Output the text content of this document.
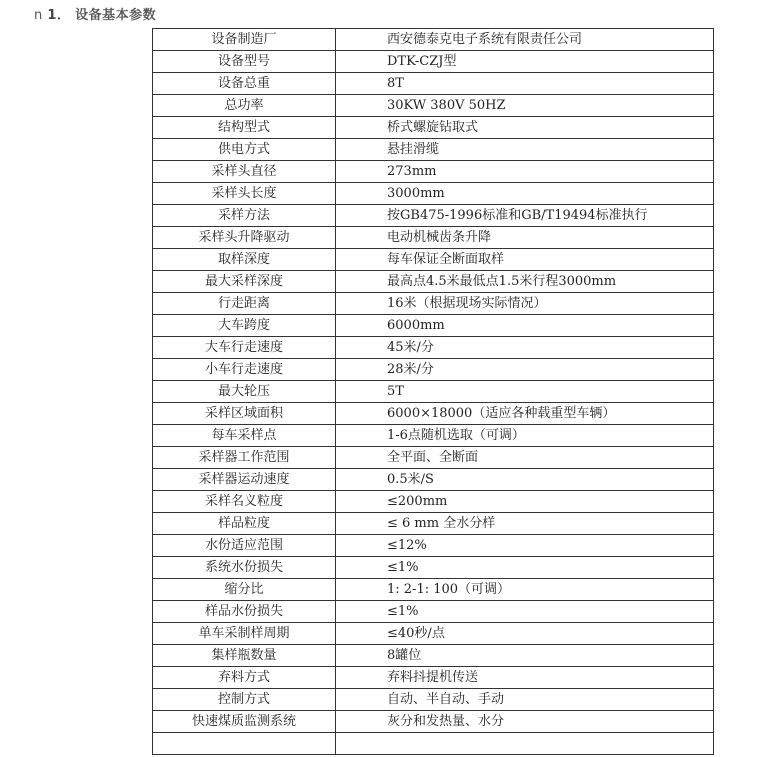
n 1． 设备基本参数
设备制造厂	西安德泰克电子系统有限责任公司
设备型号	DTK-CZJ型
设备总重	8T
总功率	30KW 380V 50HZ
结构型式	桥式螺旋钻取式
供电方式	悬挂滑缆
采样头直径	273mm
采样头长度	3000mm
采样方法	按GB475-1996标准和GB/T19494标准执行
采样头升降驱动	电动机械齿条升降
取样深度	每车保证全断面取样
最大采样深度	最高点4.5米最低点1.5米行程3000mm
行走距离	16米（根据现场实际情况）
大车跨度	6000mm
大车行走速度	45米/分
小车行走速度	28米/分
最大轮压	5T
采样区域面积	6000×18000（适应各种载重型车辆）
每车采样点	1-6点随机选取（可调）
采样器工作范围	全平面、全断面
采样器运动速度	0.5米/S
采样名义粒度	≤200mm
样品粒度	≤ 6 mm 全水分样
水份适应范围	≤12%
系统水份损失	≤1%
缩分比	1: 2-1: 100（可调）
样品水份损失	≤1%
单车采制样周期	≤40秒/点
集样瓶数量	8罐位
弃料方式	弃料抖提机传送
控制方式	自动、半自动、手动
快速煤质监测系统	灰分和发热量、水分
